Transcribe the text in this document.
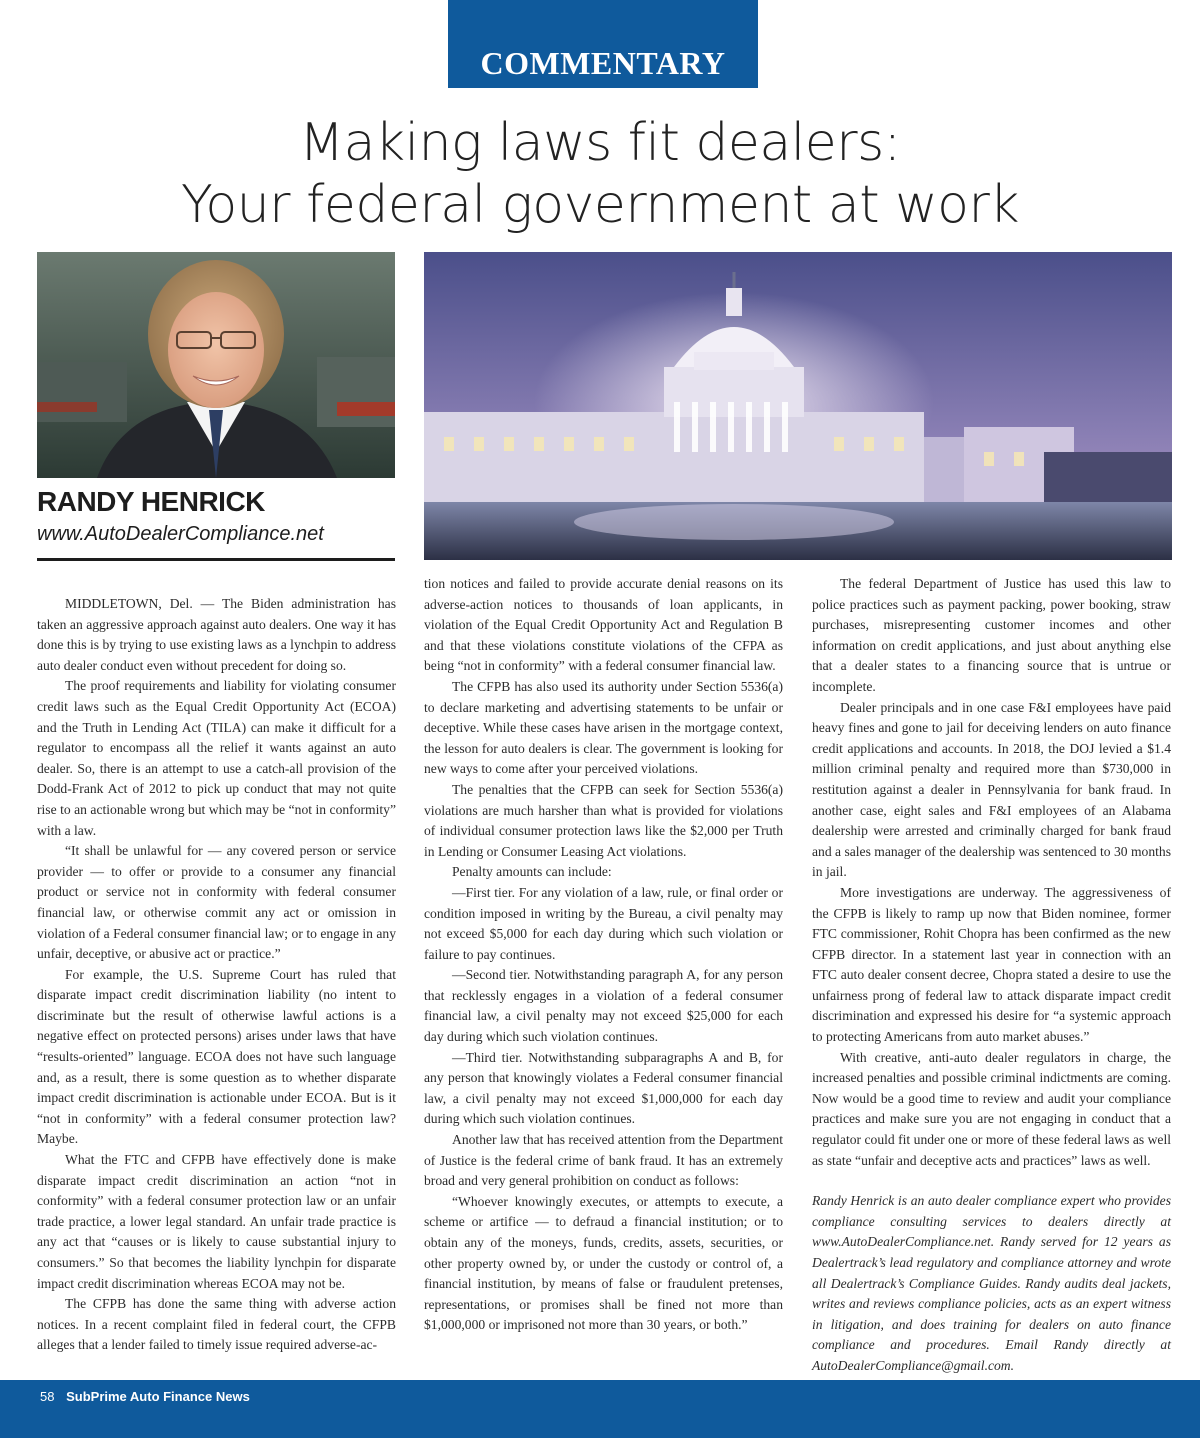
COMMENTARY
Making laws fit dealers:
Your federal government at work
RANDY HENRICK
www.AutoDealerCompliance.net

MIDDLETOWN, Del. — The Biden administration has taken an aggressive approach against auto dealers. One way it has done this is by trying to use existing laws as a lynchpin to address auto dealer conduct even without precedent for doing so.

The proof requirements and liability for violating consumer credit laws such as the Equal Credit Opportunity Act (ECOA) and the Truth in Lending Act (TILA) can make it difficult for a regulator to encompass all the relief it wants against an auto dealer. So, there is an attempt to use a catch-all provision of the Dodd-Frank Act of 2012 to pick up conduct that may not quite rise to an actionable wrong but which may be “not in conformity” with a law.

“It shall be unlawful for — any covered person or service provider — to offer or provide to a consumer any financial product or service not in conformity with federal consumer financial law, or otherwise commit any act or omission in violation of a Federal consumer financial law; or to engage in any unfair, deceptive, or abusive act or practice.”

For example, the U.S. Supreme Court has ruled that disparate impact credit discrimination liability (no intent to discriminate but the result of otherwise lawful actions is a negative effect on protected persons) arises under laws that have “results-oriented” language. ECOA does not have such language and, as a result, there is some question as to whether disparate impact credit discrimination is actionable under ECOA. But is it “not in conformity” with a federal consumer protection law? Maybe.

What the FTC and CFPB have effectively done is make disparate impact credit discrimination an action “not in conformity” with a federal consumer protection law or an unfair trade practice, a lower legal standard. An unfair trade practice is any act that “causes or is likely to cause substantial injury to consumers.” So that becomes the liability lynchpin for disparate impact credit discrimination whereas ECOA may not be.

The CFPB has done the same thing with adverse action notices. In a recent complaint filed in federal court, the CFPB alleges that a lender failed to timely issue required adverse-ac-

tion notices and failed to provide accurate denial reasons on its adverse-action notices to thousands of loan applicants, in violation of the Equal Credit Opportunity Act and Regulation B and that these violations constitute violations of the CFPA as being “not in conformity” with a federal consumer financial law.

The CFPB has also used its authority under Section 5536(a) to declare marketing and advertising statements to be unfair or deceptive. While these cases have arisen in the mortgage context, the lesson for auto dealers is clear. The government is looking for new ways to come after your perceived violations.

The penalties that the CFPB can seek for Section 5536(a) violations are much harsher than what is provided for violations of individual consumer protection laws like the $2,000 per Truth in Lending or Consumer Leasing Act violations.

Penalty amounts can include:

—First tier. For any violation of a law, rule, or final order or condition imposed in writing by the Bureau, a civil penalty may not exceed $5,000 for each day during which such violation or failure to pay continues.

—Second tier. Notwithstanding paragraph A, for any person that recklessly engages in a violation of a federal consumer financial law, a civil penalty may not exceed $25,000 for each day during which such violation continues.

—Third tier. Notwithstanding subparagraphs A and B, for any person that knowingly violates a Federal consumer financial law, a civil penalty may not exceed $1,000,000 for each day during which such violation continues.

Another law that has received attention from the Department of Justice is the federal crime of bank fraud. It has an extremely broad and very general prohibition on conduct as follows:

“Whoever knowingly executes, or attempts to execute, a scheme or artifice — to defraud a financial institution; or to obtain any of the moneys, funds, credits, assets, securities, or other property owned by, or under the custody or control of, a financial institution, by means of false or fraudulent pretenses, representations, or promises shall be fined not more than $1,000,000 or imprisoned not more than 30 years, or both.”

The federal Department of Justice has used this law to police practices such as payment packing, power booking, straw purchases, misrepresenting customer incomes and other information on credit applications, and just about anything else that a dealer states to a financing source that is untrue or incomplete.

Dealer principals and in one case F&I employees have paid heavy fines and gone to jail for deceiving lenders on auto finance credit applications and accounts. In 2018, the DOJ levied a $1.4 million criminal penalty and required more than $730,000 in restitution against a dealer in Pennsylvania for bank fraud. In another case, eight sales and F&I employees of an Alabama dealership were arrested and criminally charged for bank fraud and a sales manager of the dealership was sentenced to 30 months in jail.

More investigations are underway. The aggressiveness of the CFPB is likely to ramp up now that Biden nominee, former FTC commissioner, Rohit Chopra has been confirmed as the new CFPB director. In a statement last year in connection with an FTC auto dealer consent decree, Chopra stated a desire to use the unfairness prong of federal law to attack disparate impact credit discrimination and expressed his desire for “a systemic approach to protecting Americans from auto market abuses.”

With creative, anti-auto dealer regulators in charge, the increased penalties and possible criminal indictments are coming. Now would be a good time to review and audit your compliance practices and make sure you are not engaging in conduct that a regulator could fit under one or more of these federal laws as well as state “unfair and deceptive acts and practices” laws as well.

Randy Henrick is an auto dealer compliance expert who provides compliance consulting services to dealers directly at www.AutoDealerCompliance.net. Randy served for 12 years as Dealertrack’s lead regulatory and compliance attorney and wrote all Dealertrack’s Compliance Guides. Randy audits deal jackets, writes and reviews compliance policies, acts as an expert witness in litigation, and does training for dealers on auto finance compliance and procedures. Email Randy directly at AutoDealerCompliance@gmail.com.

58 SubPrime Auto Finance News
